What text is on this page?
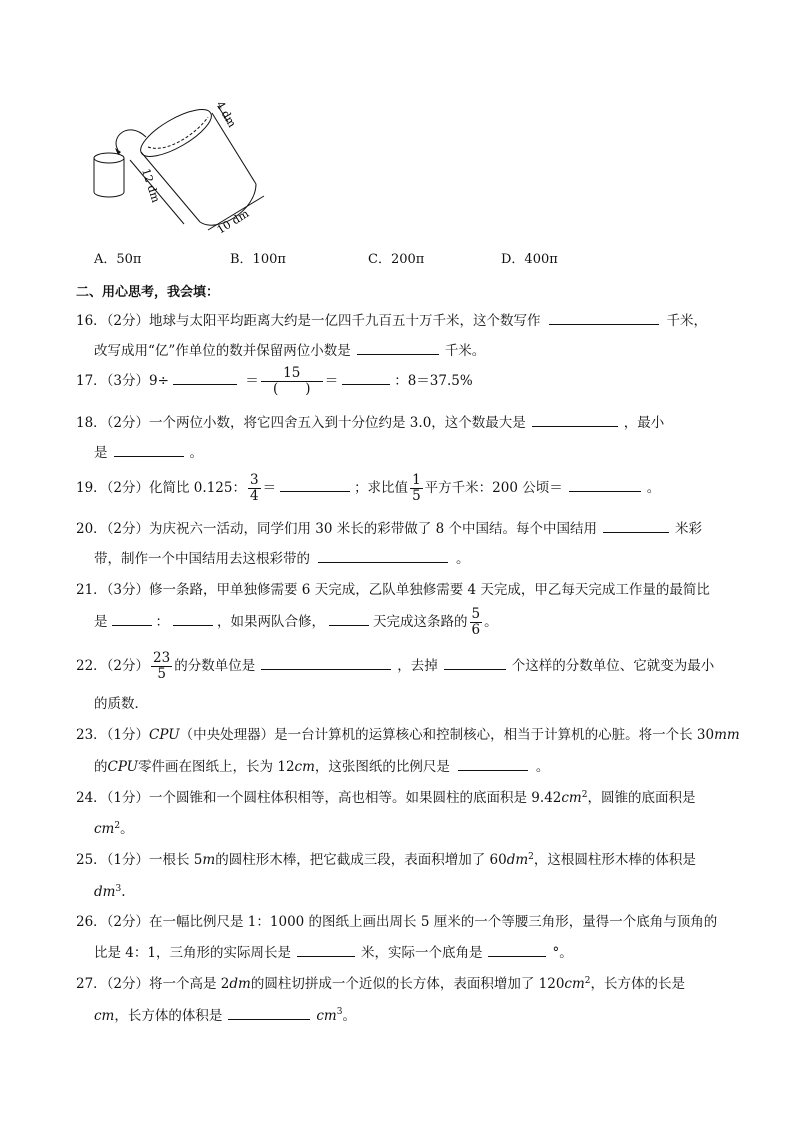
4 dm
12 dm
10 dm
A．50π	B．100π	C．200π	D．400π
二、用心思考，我会填：
16．（2分）地球与太阳平均距离大约是一亿四千九百五十万千米，这个数写作	千米，
改写成用“亿”作单位的数并保留两位小数是	千米。
17．（3分）9÷	＝ $\frac{15}{( )}$ ＝	：8＝37.5%
18．（2分）一个两位小数，将它四舍五入到十分位约是 3.0，这个数最大是	，最小
是	。
19．（2分）化简比 0.125： $\frac{3}{4}$ ＝	；求比值 $\frac{1}{5}$ 平方千米：200 公顷＝	。
20．（2分）为庆祝六一活动，同学们用 30 米长的彩带做了 8 个中国结。每个中国结用	米彩
带，制作一个中国结用去这根彩带的	。
21．（3分）修一条路，甲单独修需要 6 天完成，乙队单独修需要 4 天完成，甲乙每天完成工作量的最简比
是	：	，如果两队合修，	天完成这条路的 $\frac{5}{6}$ 。
22．（2分） $\frac{23}{5}$ 的分数单位是	，去掉	个这样的分数单位、它就变为最小
的质数．
23．（1分）CPU（中央处理器）是一台计算机的运算核心和控制核心，相当于计算机的心脏。将一个长 30mm
的CPU零件画在图纸上，长为 12cm，这张图纸的比例尺是	。
24．（1分）一个圆锥和一个圆柱体积相等，高也相等。如果圆柱的底面积是 $9.42cm^2$，圆锥的底面积是
$cm^2$。
25．（1分）一根长 5m的圆柱形木棒，把它截成三段，表面积增加了 $60dm^2$，这根圆柱形木棒的体积是
$dm^3$.
26．（2分）在一幅比例尺是 1：1000 的图纸上画出周长 5 厘米的一个等腰三角形，量得一个底角与顶角的
比是 4：1，三角形的实际周长是	米，实际一个底角是	°。
27．（2分）将一个高是 2dm的圆柱切拼成一个近似的长方体，表面积增加了 $120cm^2$，长方体的长是
cm，长方体的体积是	$cm^3$。
